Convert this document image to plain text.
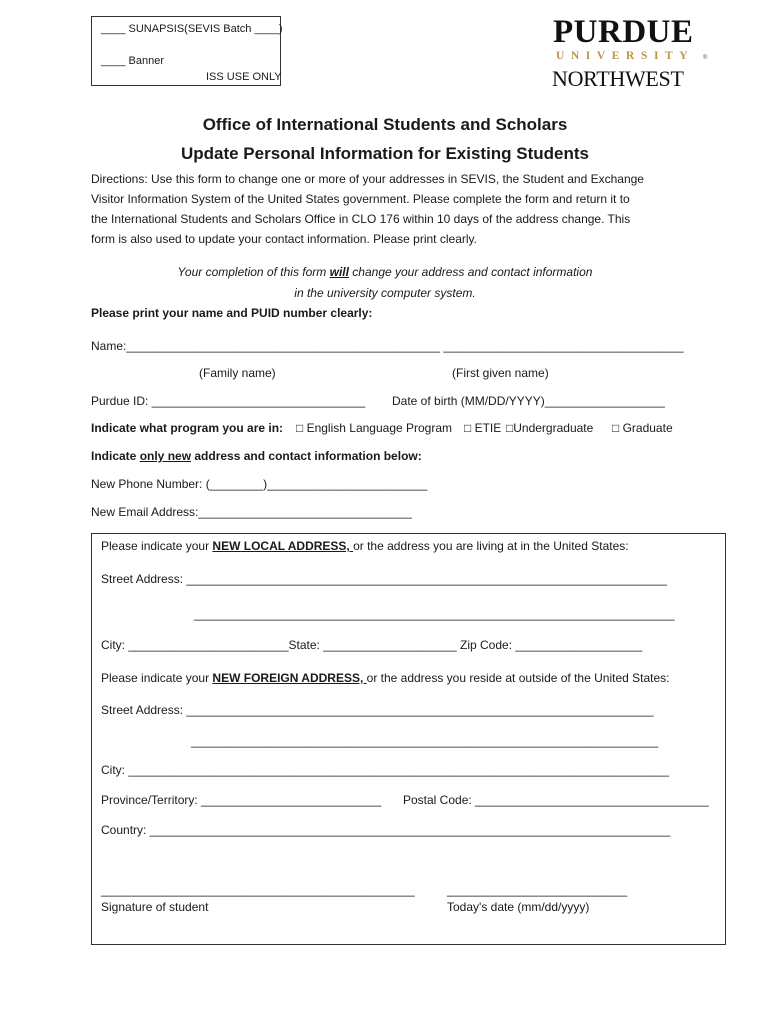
____ SUNAPSIS(SEVIS Batch ____)
____ Banner
ISS USE ONLY
PURDUE
UNIVERSITY ®
NORTHWEST
Office of International Students and Scholars
Update Personal Information for Existing Students
Directions: Use this form to change one or more of your addresses in SEVIS, the Student and Exchange
Visitor Information System of the United States government. Please complete the form and return it to
the International Students and Scholars Office in CLO 176 within 10 days of the address change. This
form is also used to update your contact information. Please print clearly.
Your completion of this form will change your address and contact information
in the university computer system.
Please print your name and PUID number clearly:
Name:_______________________________________________ ____________________________________
(Family name)	(First given name)
Purdue ID: ________________________________ Date of birth (MM/DD/YYYY)__________________
Indicate what program you are in: □ English Language Program □ ETIE □Undergraduate □ Graduate
Indicate only new address and contact information below:
New Phone Number: (________)________________________
New Email Address:________________________________
Please indicate your NEW LOCAL ADDRESS, or the address you are living at in the United States:
Street Address: ________________________________________________________________________
________________________________________________________________________
City: ________________________State: ____________________ Zip Code: ___________________
Please indicate your NEW FOREIGN ADDRESS, or the address you reside at outside of the United States:
Street Address: ______________________________________________________________________
______________________________________________________________________
City: _________________________________________________________________________________
Province/Territory: ___________________________ Postal Code: ___________________________________
Country: ______________________________________________________________________________
_______________________________________________
Signature of student
___________________________
Today's date (mm/dd/yyyy)
